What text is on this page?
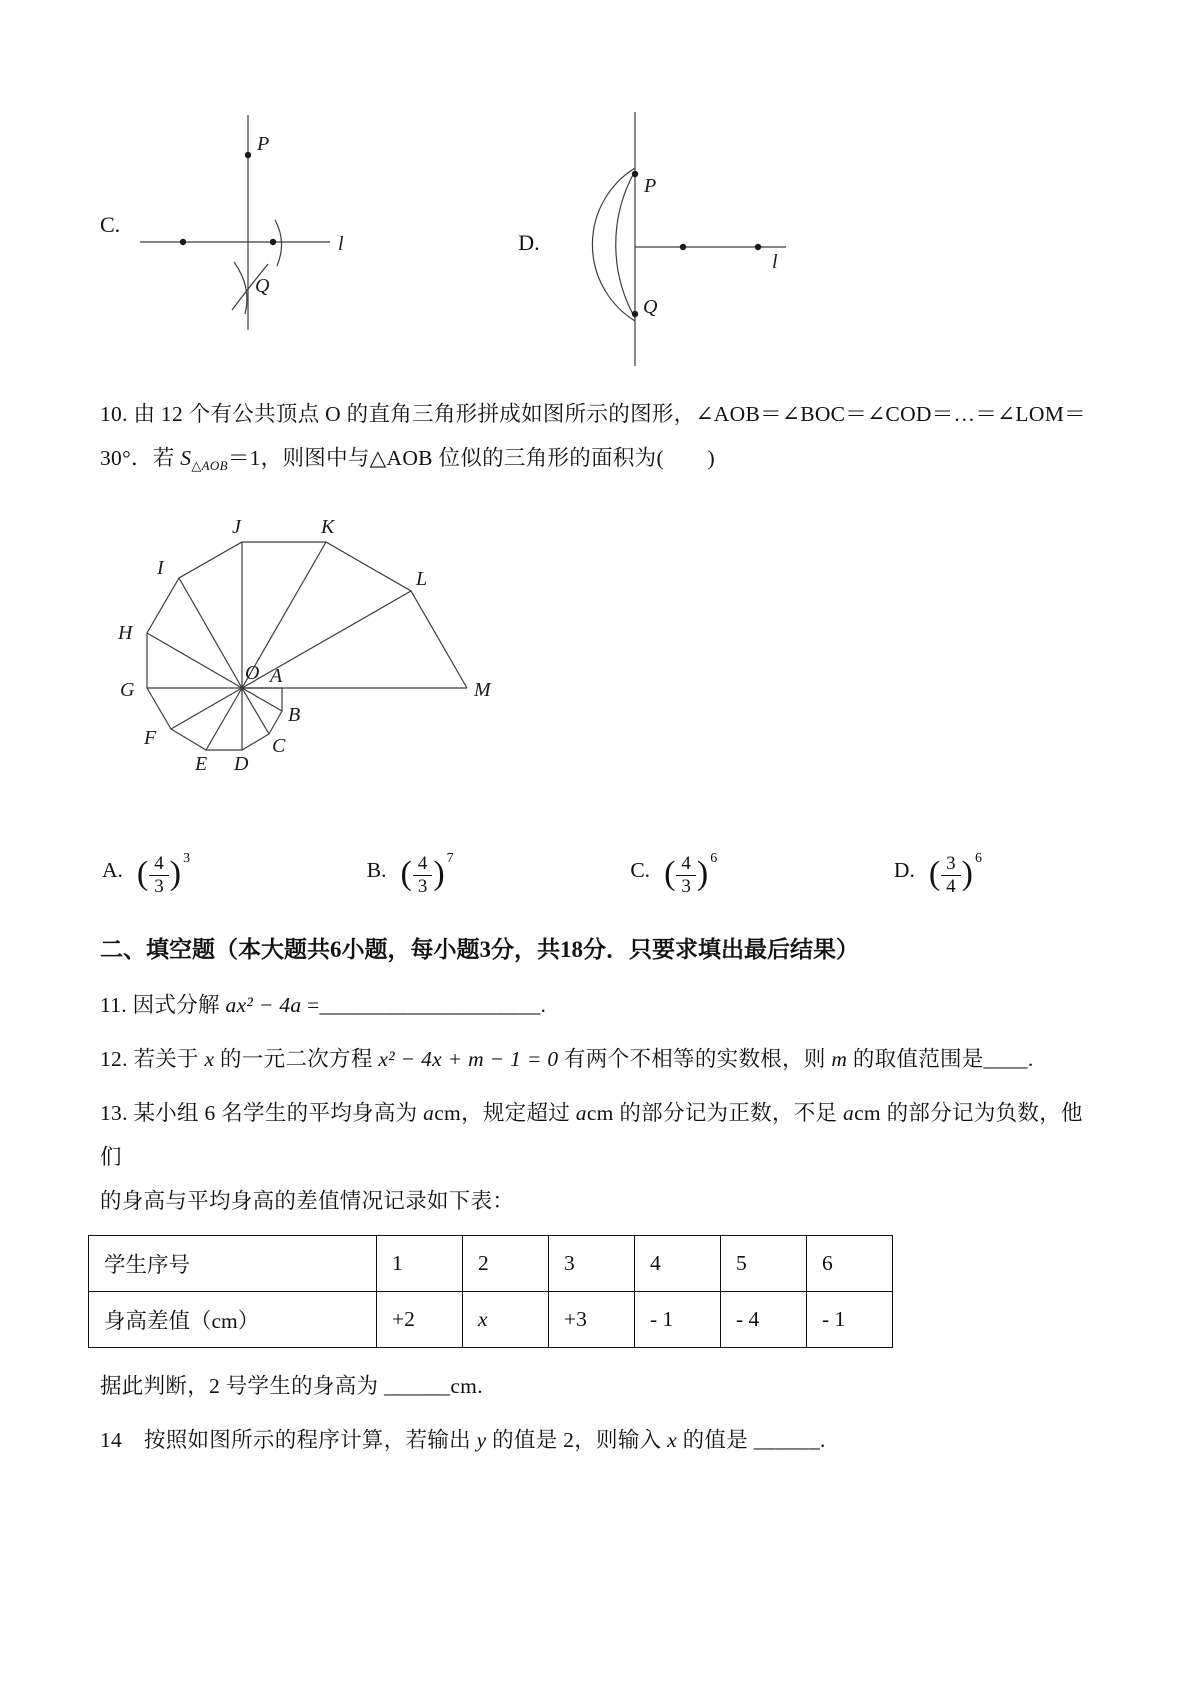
C.
l
P
Q
D.
P
l
Q
10. 由 12 个有公共顶点 O 的直角三角形拼成如图所示的图形，∠AOB＝∠BOC＝∠COD＝…＝∠LOM＝
30°．若 $S_{\triangle AOB}=1$，则图中与△AOB 位似的三角形的面积为(　　)
O A
B
C
D
E
F
G
H
I
J	K
L
M
A. ( $\frac{4}{3}$ ) $^3$	B. ( $\frac{4}{3}$ ) $^7$	C. ( $\frac{4}{3}$ ) $^6$	D. ( $\frac{3}{4}$ ) $^6$
二、填空题（本大题共6小题，每小题3分，共18分．只要求填出最后结果）
11. 因式分解 ax² − 4a =____________________.
12. 若关于 x 的一元二次方程 x² − 4x + m − 1 = 0 有两个不相等的实数根，则 m 的取值范围是____.
13. 某小组 6 名学生的平均身高为 acm，规定超过 acm 的部分记为正数，不足 acm 的部分记为负数，他们
的身高与平均身高的差值情况记录如下表：
学生序号	1	2	3	4	5	6
身高差值（cm）	+2	x	+3	- 1	- 4	- 1
据此判断，2 号学生的身高为 ______cm.
14　按照如图所示的程序计算，若输出 y 的值是 2，则输入 x 的值是 ______.
